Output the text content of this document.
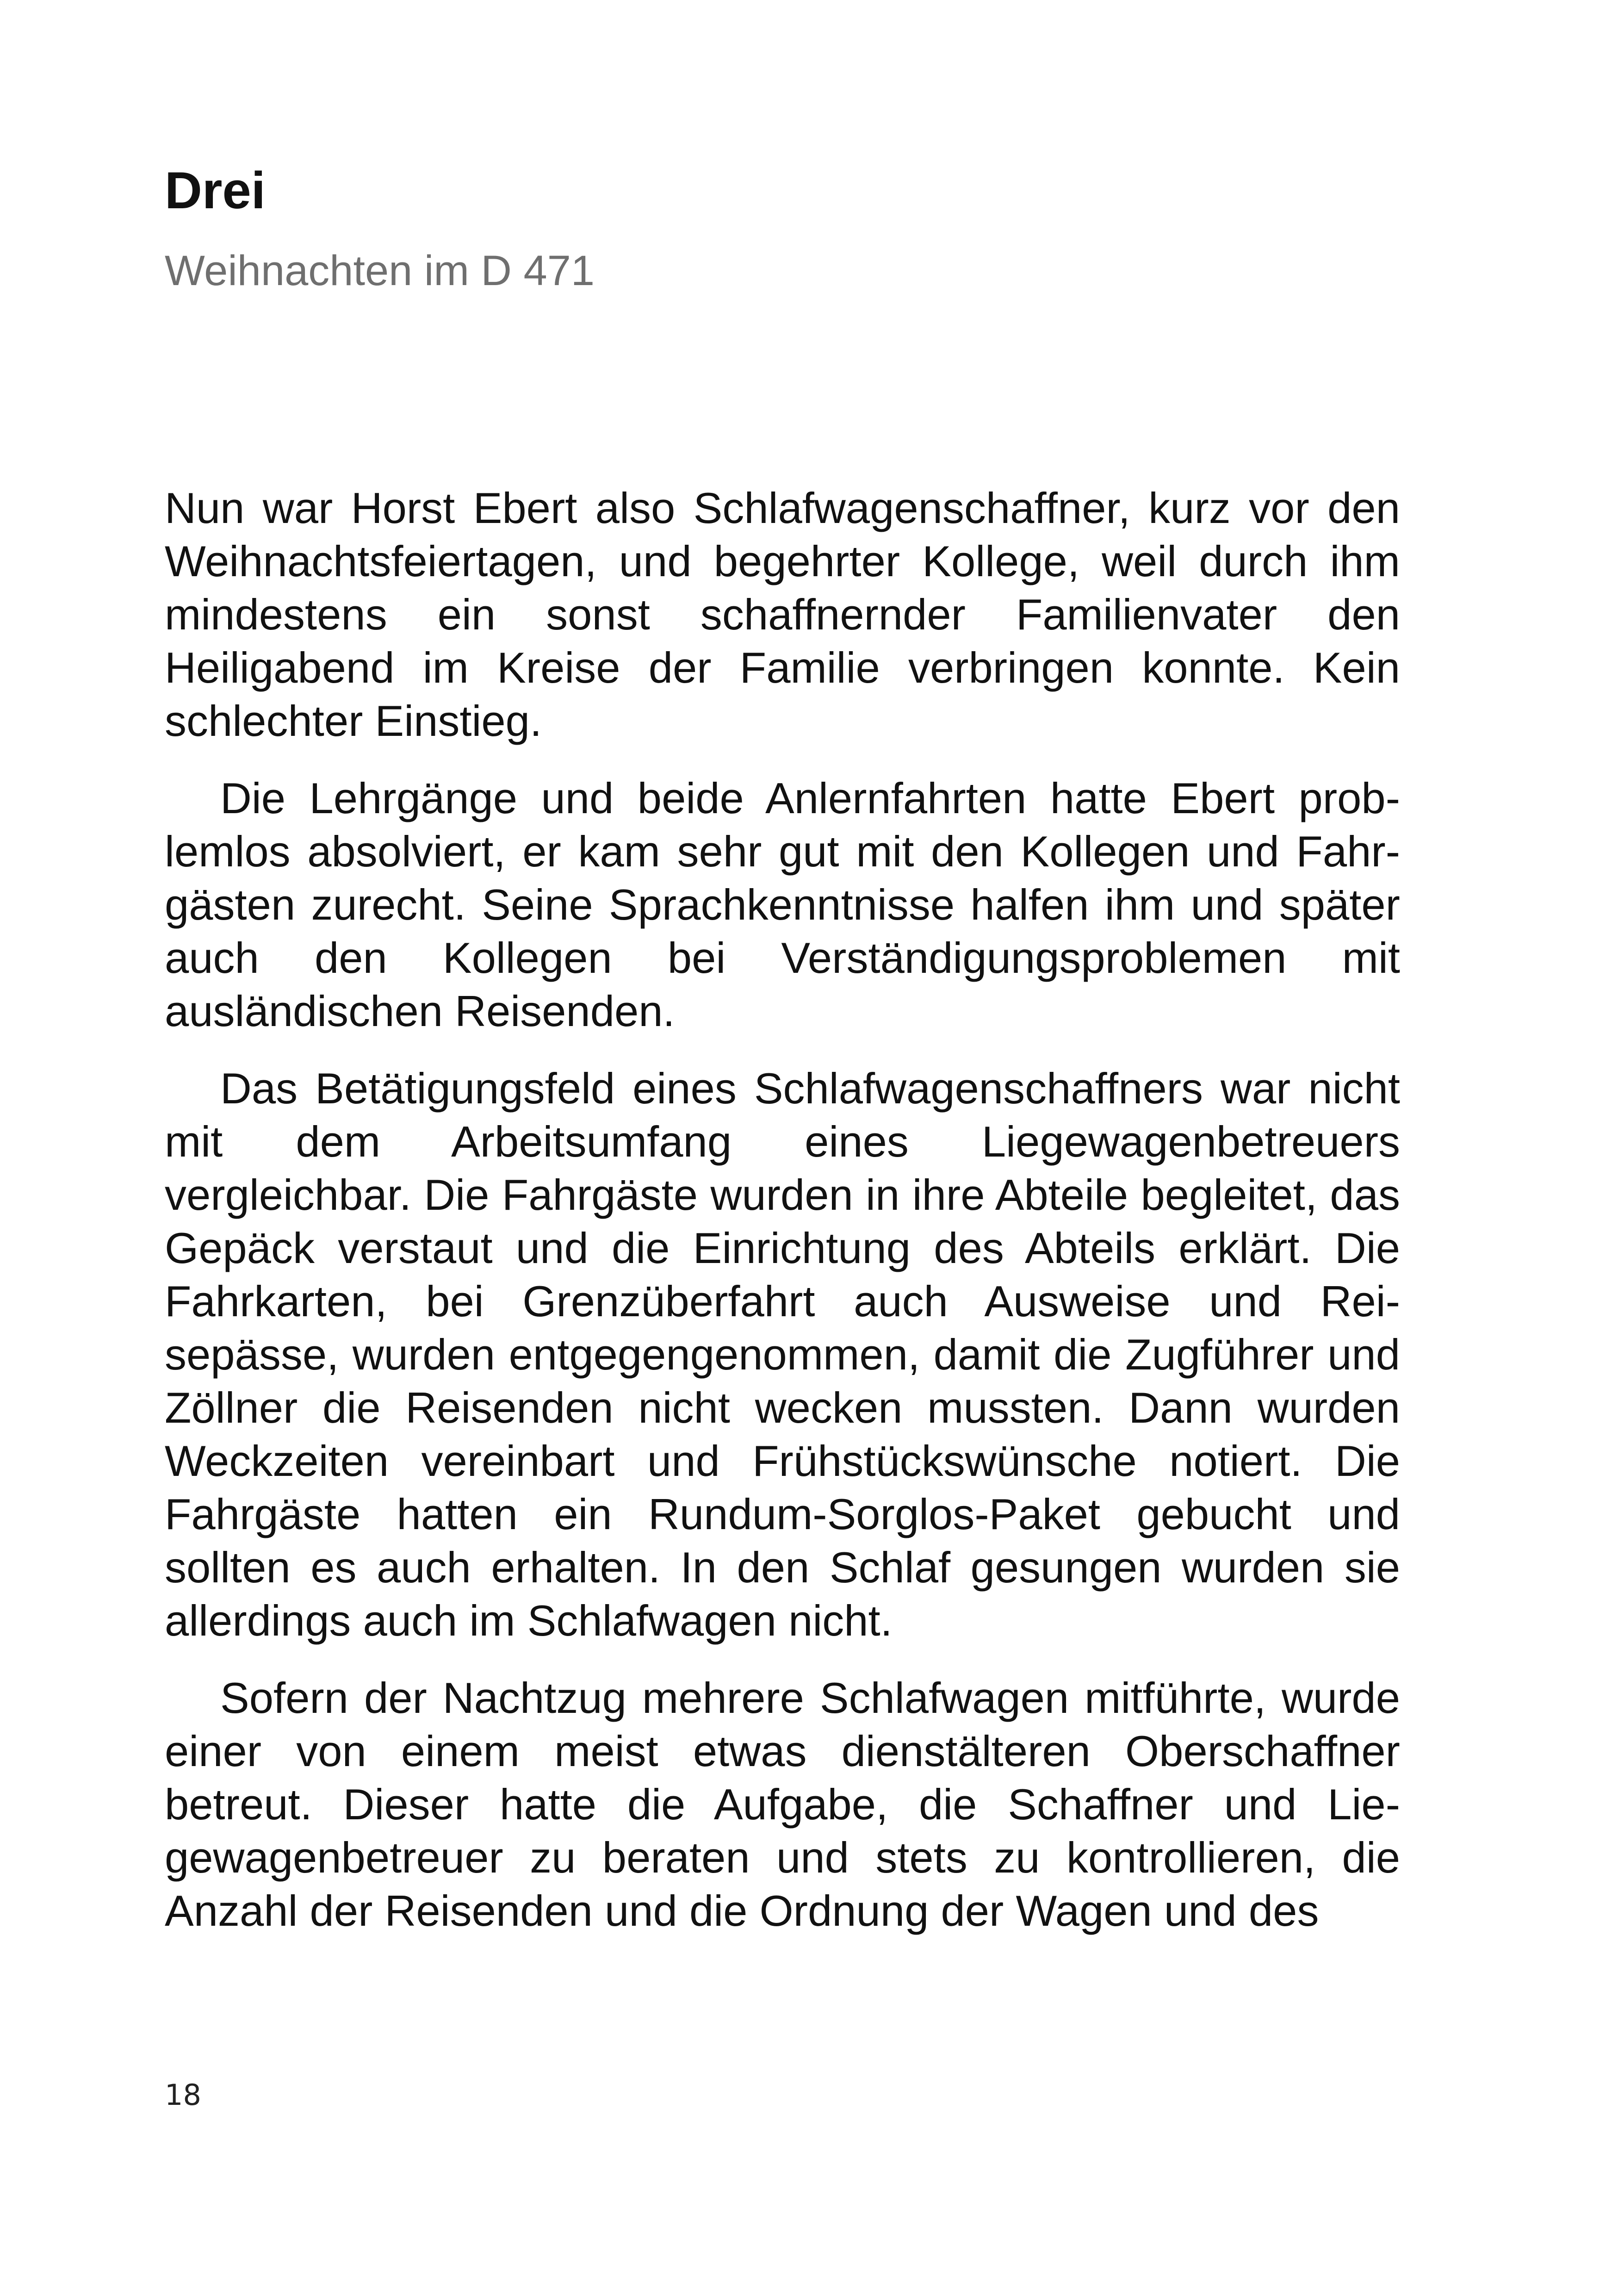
Drei
Weihnachten im D 471

Nun war Horst Ebert also Schlafwagenschaffner, kurz vor den Weihnachtsfeiertagen, und begehrter Kollege, weil durch ihm mindestens ein sonst schaffnernder Familienvater den Heiligabend im Kreise der Familie verbringen konnte. Kein schlechter Einstieg.

Die Lehrgänge und beide Anlernfahrten hatte Ebert problemlos absolviert, er kam sehr gut mit den Kollegen und Fahrgästen zurecht. Seine Sprachkenntnisse halfen ihm und später auch den Kollegen bei Verständigungsproblemen mit ausländischen Reisenden.

Das Betätigungsfeld eines Schlafwagenschaffners war nicht mit dem Arbeitsumfang eines Liegewagenbetreuers vergleichbar. Die Fahrgäste wurden in ihre Abteile begleitet, das Gepäck verstaut und die Einrichtung des Abteils erklärt. Die Fahrkarten, bei Grenzüberfahrt auch Ausweise und Reisepässe, wurden entgegengenommen, damit die Zugführer und Zöllner die Reisenden nicht wecken mussten. Dann wurden Weckzeiten vereinbart und Frühstückswünsche notiert. Die Fahrgäste hatten ein Rundum-Sorglos-Paket gebucht und sollten es auch erhalten. In den Schlaf gesungen wurden sie allerdings auch im Schlafwagen nicht.

Sofern der Nachtzug mehrere Schlafwagen mitführte, wurde einer von einem meist etwas dienstälteren Oberschaffner betreut. Dieser hatte die Aufgabe, die Schaffner und Liegewagenbetreuer zu beraten und stets zu kontrollieren, die Anzahl der Reisenden und die Ordnung der Wagen und des

18
